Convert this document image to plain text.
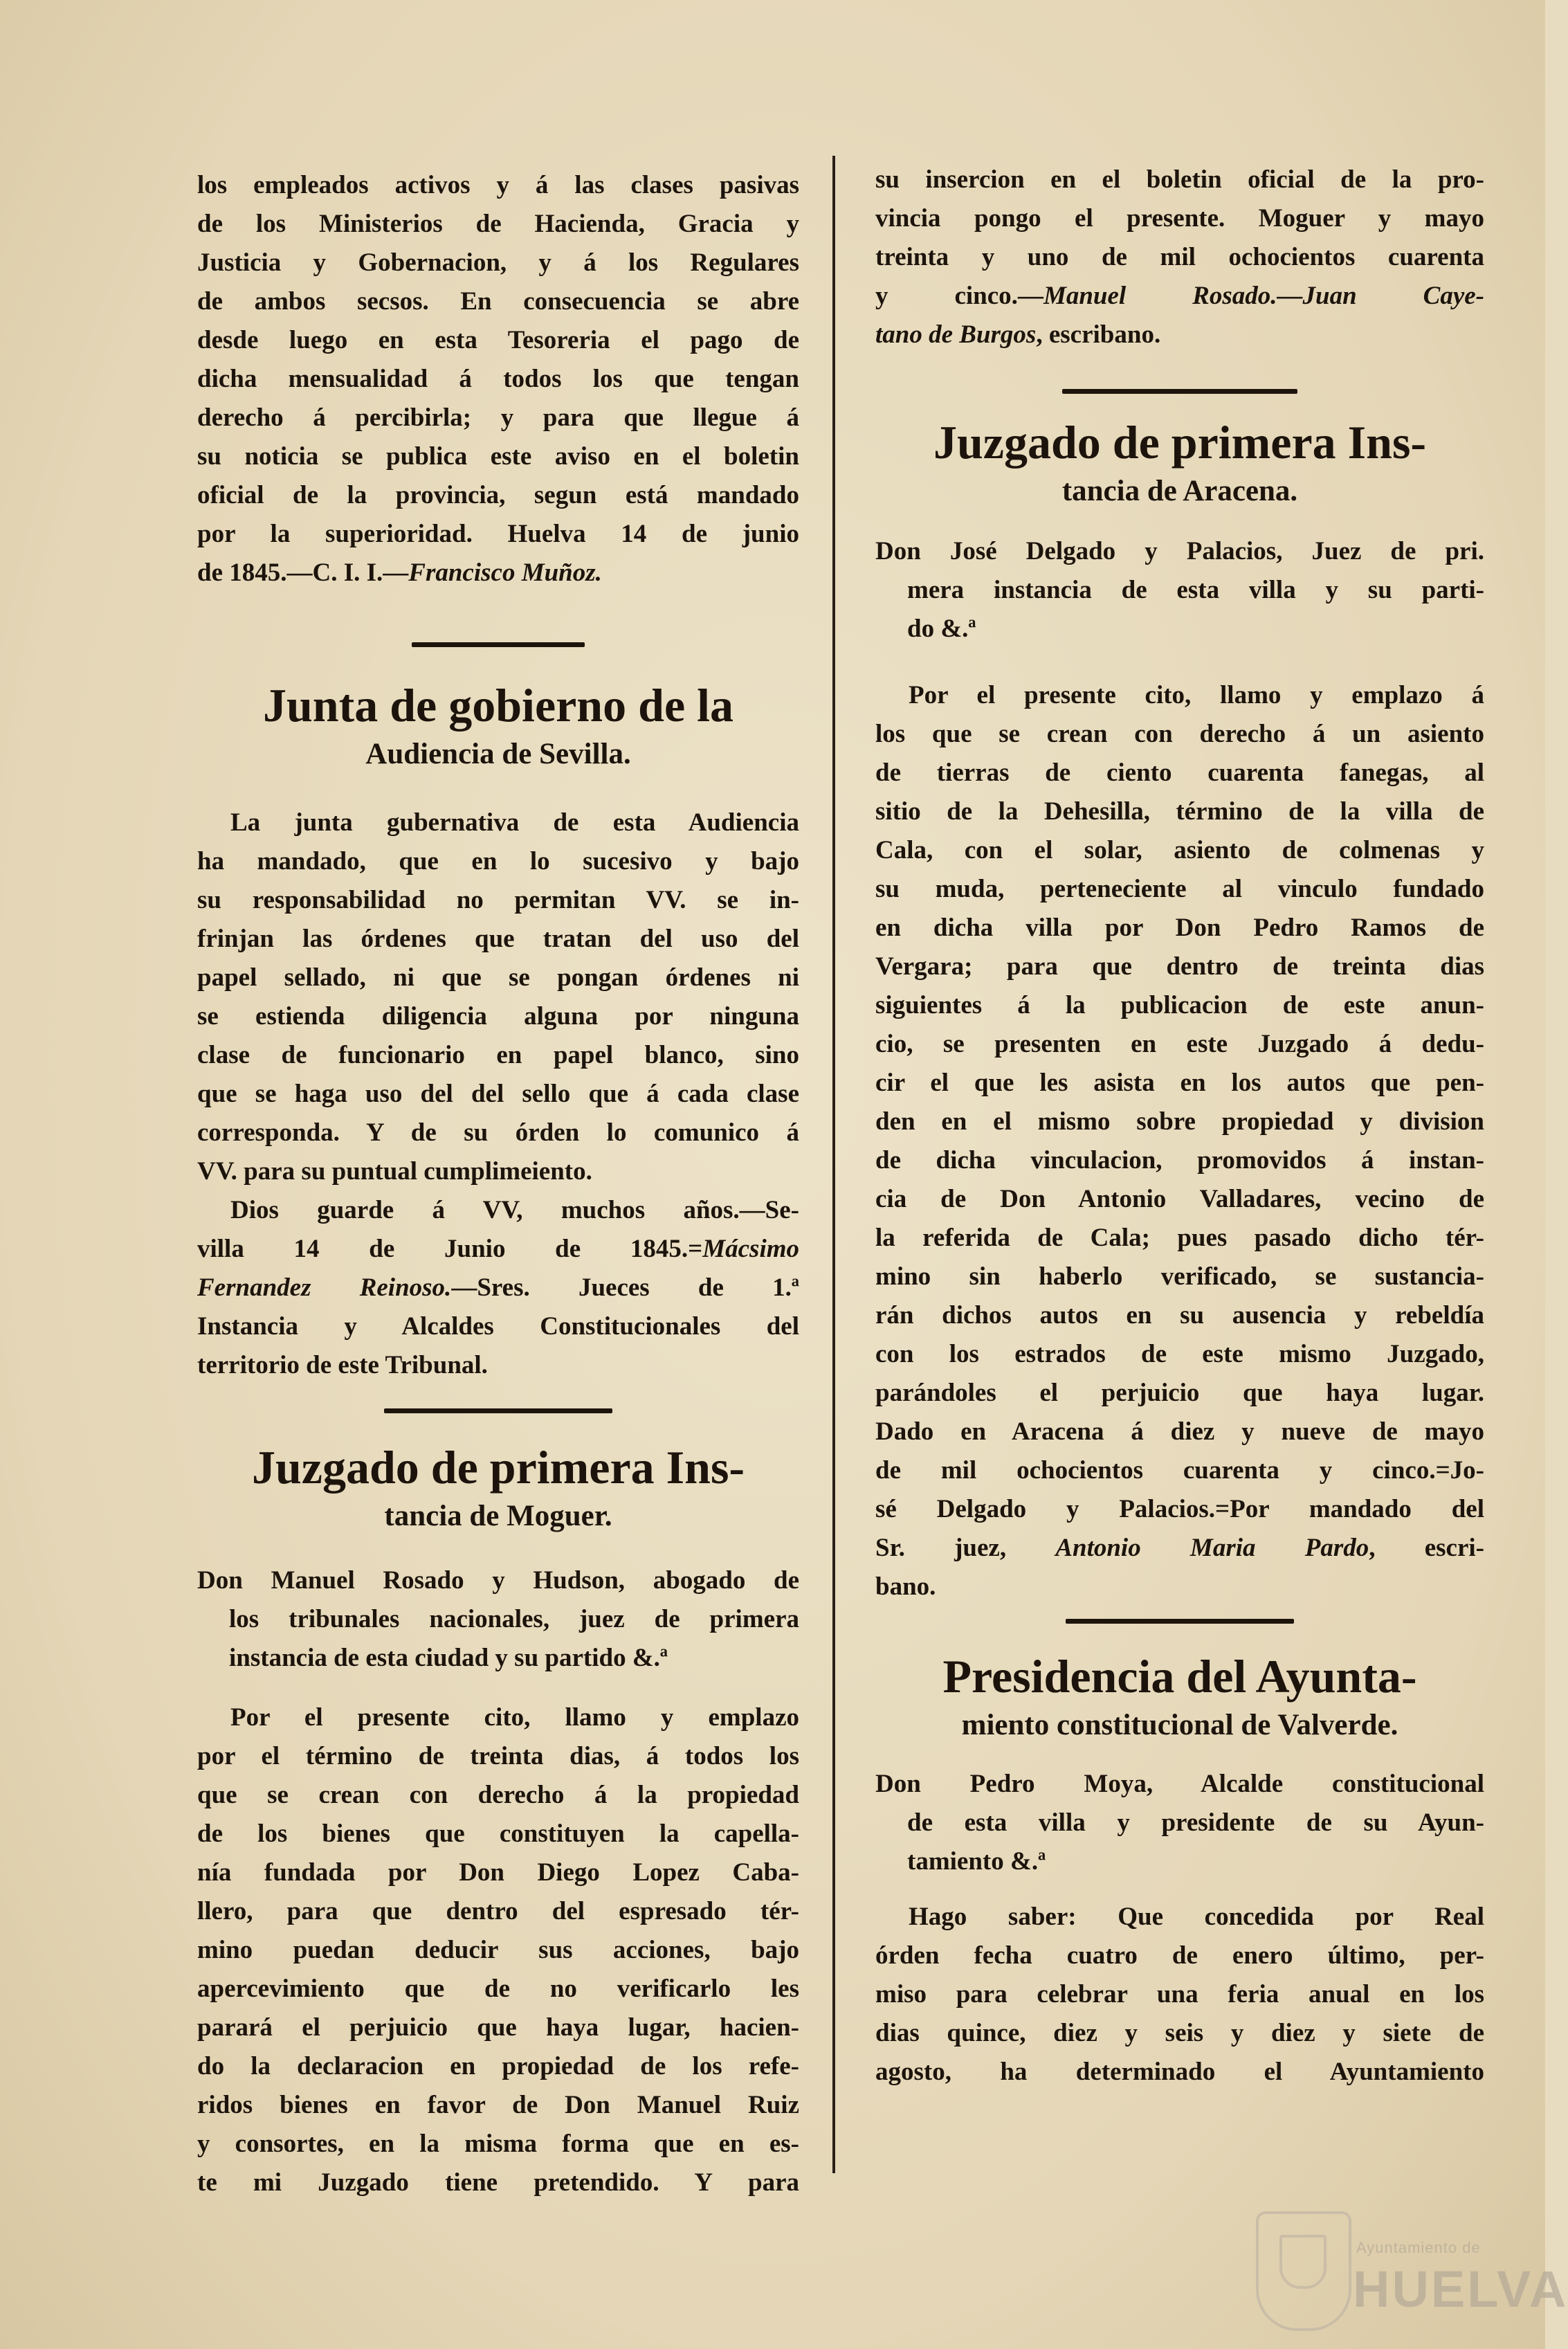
los empleados activos y á las clases pasivas

de los Ministerios de Hacienda, Gracia y

Justicia y Gobernacion, y á los Regulares

de ambos secsos. En consecuencia se abre

desde luego en esta Tesoreria el pago de

dicha mensualidad á todos los que tengan

derecho á percibirla; y para que llegue á

su noticia se publica este aviso en el boletin

oficial de la provincia, segun está mandado

por la superioridad. Huelva 14 de junio

de 1845.—C. I. I.—Francisco Muñoz.

Junta de gobierno de la

Audiencia de Sevilla.

La junta gubernativa de esta Audiencia

ha mandado, que en lo sucesivo y bajo

su responsabilidad no permitan VV. se in-

frinjan las órdenes que tratan del uso del

papel sellado, ni que se pongan órdenes ni

se estienda diligencia alguna por ninguna

clase de funcionario en papel blanco, sino

que se haga uso del del sello que á cada clase

corresponda. Y de su órden lo comunico á

VV. para su puntual cumplimeiento.

Dios guarde á VV, muchos años.—Se-

villa 14 de Junio de 1845.=Mácsimo

Fernandez Reinoso.—Sres. Jueces de 1.ª

Instancia y Alcaldes Constitucionales del

territorio de este Tribunal.

Juzgado de primera Ins-

tancia de Moguer.

Don Manuel Rosado y Hudson, abogado de

los tribunales nacionales, juez de primera

instancia de esta ciudad y su partido &.ª

Por el presente cito, llamo y emplazo

por el término de treinta dias, á todos los

que se crean con derecho á la propiedad

de los bienes que constituyen la capella-

nía fundada por Don Diego Lopez Caba-

llero, para que dentro del espresado tér-

mino puedan deducir sus acciones, bajo

apercevimiento que de no verificarlo les

parará el perjuicio que haya lugar, hacien-

do la declaracion en propiedad de los refe-

ridos bienes en favor de Don Manuel Ruiz

y consortes, en la misma forma que en es-

te mi Juzgado tiene pretendido. Y para

su insercion en el boletin oficial de la pro-

vincia pongo el presente. Moguer y mayo

treinta y uno de mil ochocientos cuarenta

y cinco.—Manuel Rosado.—Juan Caye-

tano de Burgos, escribano.

Juzgado de primera Ins-

tancia de Aracena.

Don José Delgado y Palacios, Juez de pri.

mera instancia de esta villa y su parti-

do &.ª

Por el presente cito, llamo y emplazo á

los que se crean con derecho á un asiento

de tierras de ciento cuarenta fanegas, al

sitio de la Dehesilla, término de la villa de

Cala, con el solar, asiento de colmenas y

su muda, perteneciente al vinculo fundado

en dicha villa por Don Pedro Ramos de

Vergara; para que dentro de treinta dias

siguientes á la publicacion de este anun-

cio, se presenten en este Juzgado á dedu-

cir el que les asista en los autos que pen-

den en el mismo sobre propiedad y division

de dicha vinculacion, promovidos á instan-

cia de Don Antonio Valladares, vecino de

la referida de Cala; pues pasado dicho tér-

mino sin haberlo verificado, se sustancia-

rán dichos autos en su ausencia y rebeldía

con los estrados de este mismo Juzgado,

parándoles el perjuicio que haya lugar.

Dado en Aracena á diez y nueve de mayo

de mil ochocientos cuarenta y cinco.=Jo-

sé Delgado y Palacios.=Por mandado del

Sr. juez, Antonio Maria Pardo, escri-

bano.

Presidencia del Ayunta-

miento constitucional de Valverde.

Don Pedro Moya, Alcalde constitucional

de esta villa y presidente de su Ayun-

tamiento &.ª

Hago saber: Que concedida por Real

órden fecha cuatro de enero último, per-

miso para celebrar una feria anual en los

dias quince, diez y seis y diez y siete de

agosto, ha determinado el Ayuntamiento

Ayuntamiento de
HUELVA
